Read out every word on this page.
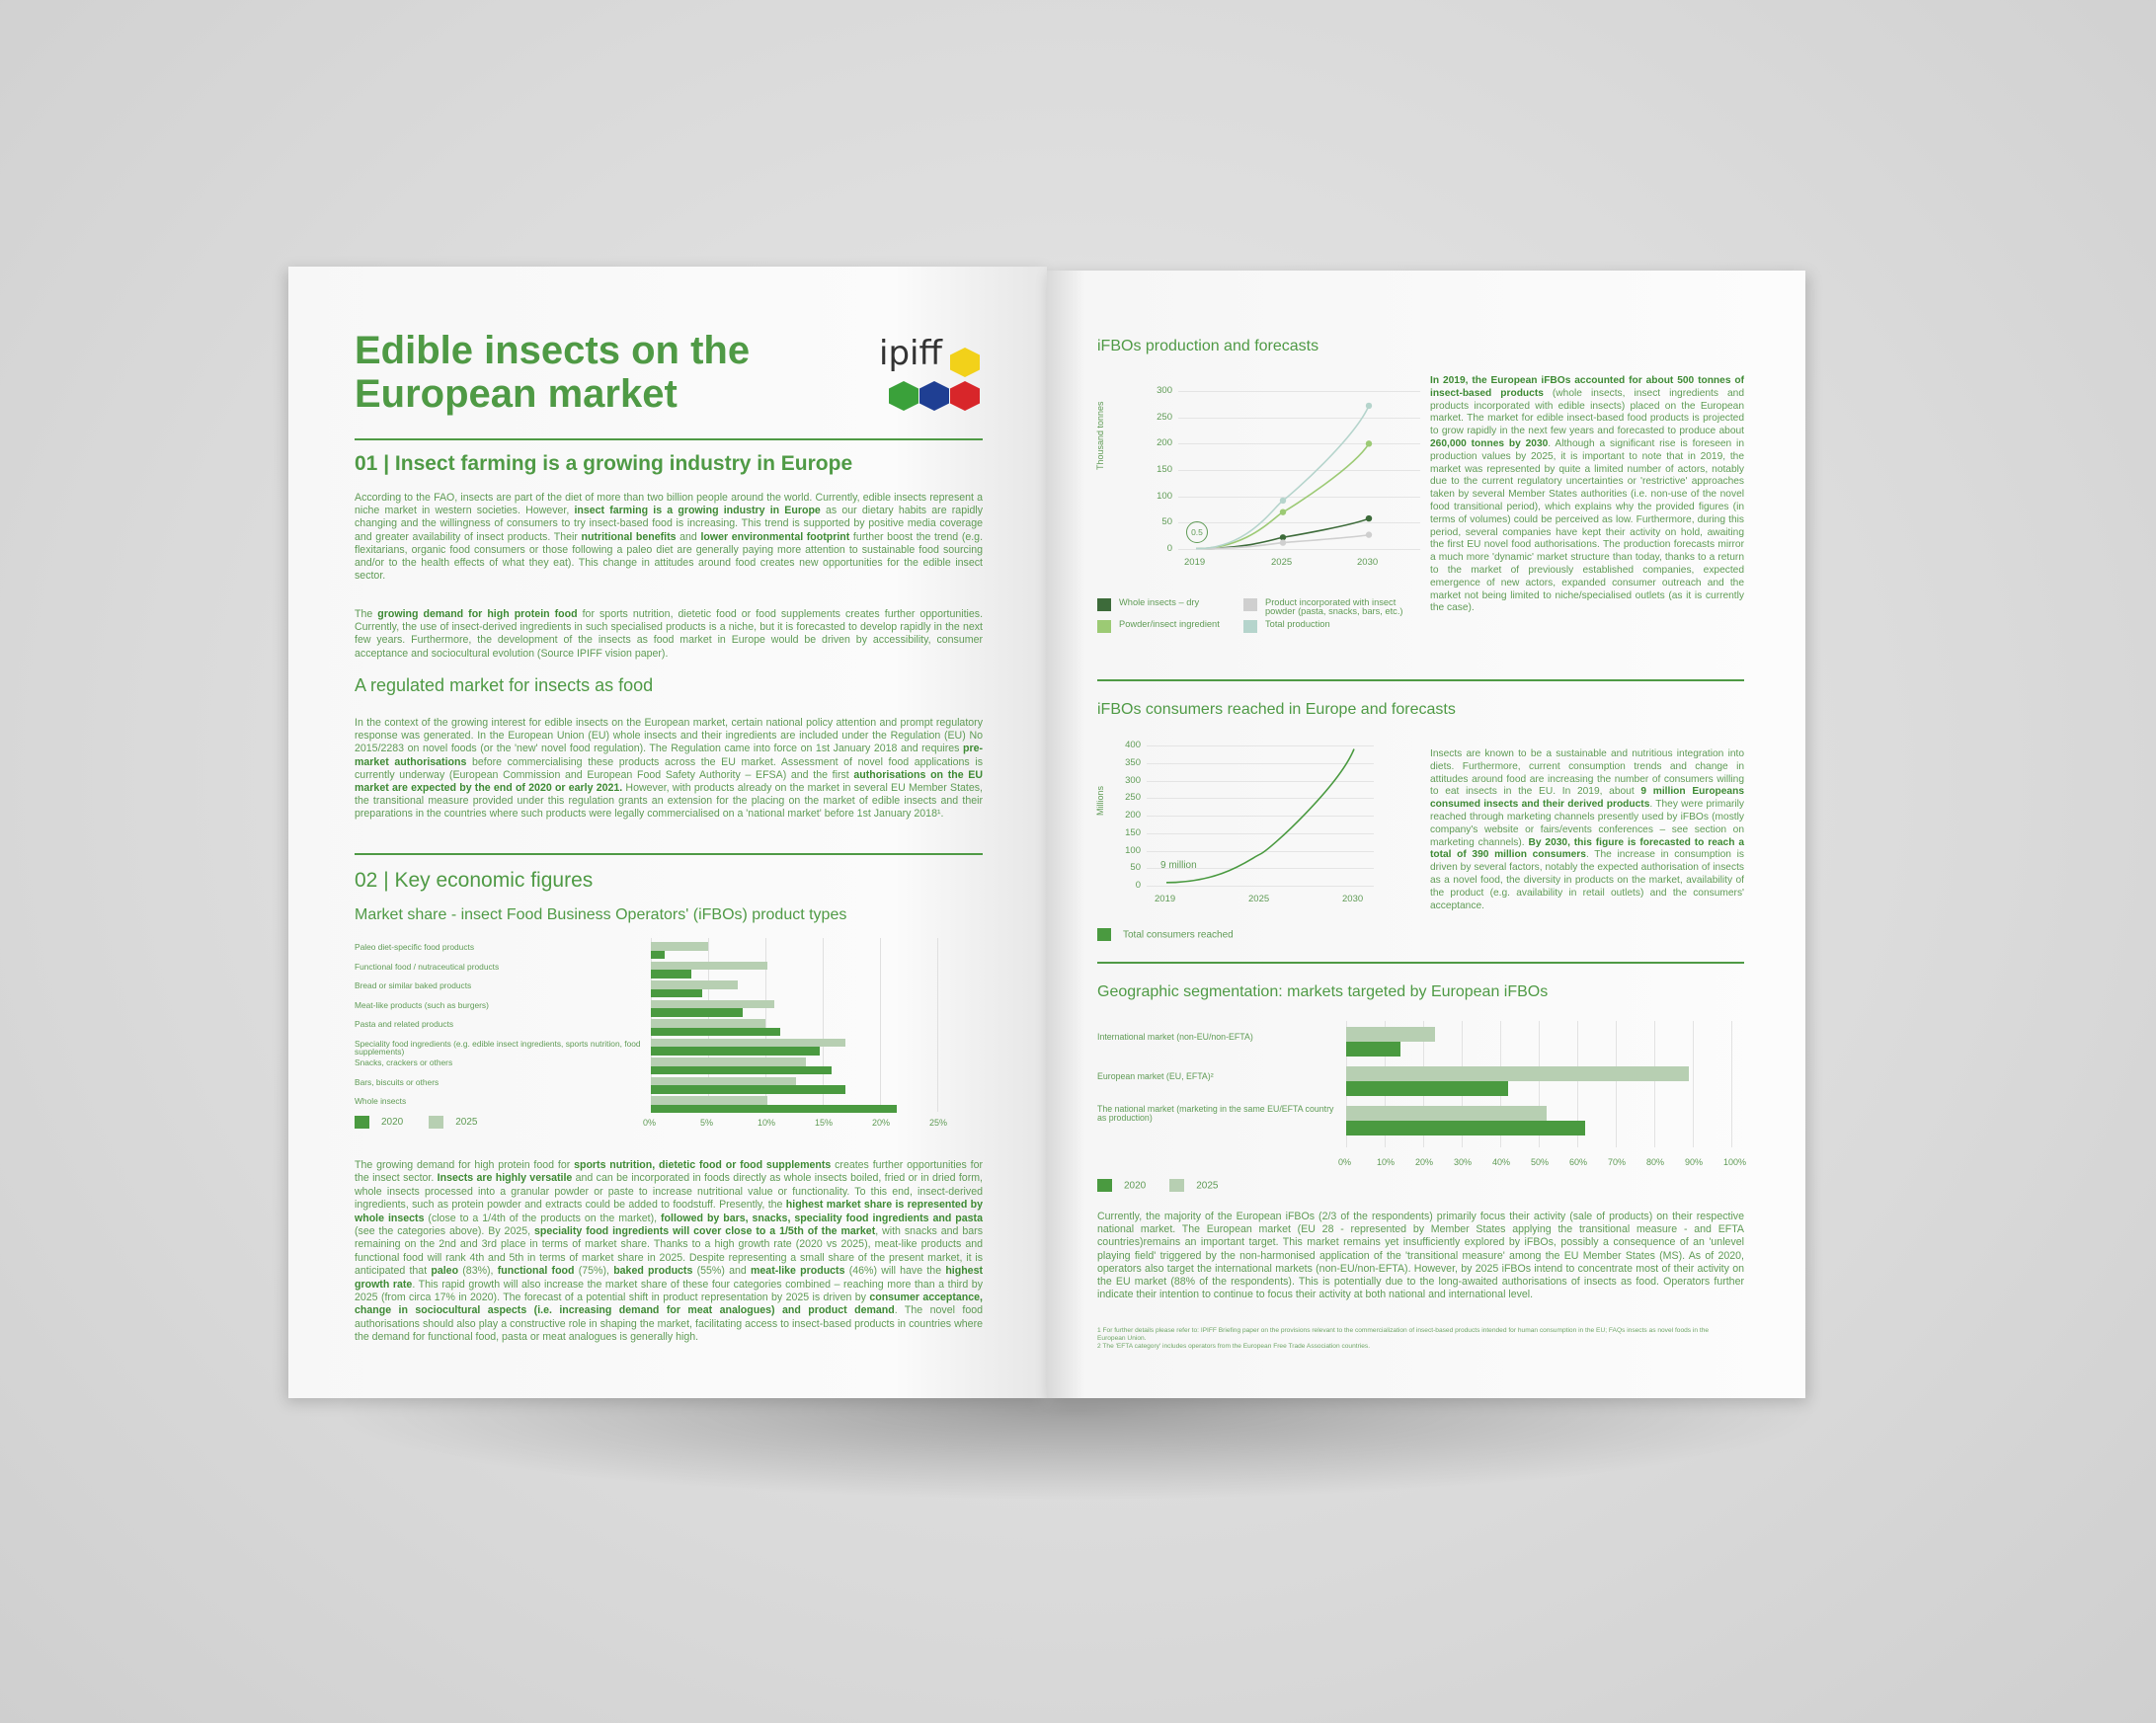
Edible insects on the European market
ipiff
01 | Insect farming is a growing industry in Europe
According to the FAO, insects are part of the diet of more than two billion people around the world. Currently, edible insects represent a niche market in western societies. However, insect farming is a growing industry in Europe as our dietary habits are rapidly changing and the willingness of consumers to try insect-based food is increasing. This trend is supported by positive media coverage and greater availability of insect products. Their nutritional benefits and lower environmental footprint further boost the trend (e.g. flexitarians, organic food consumers or those following a paleo diet are generally paying more attention to sustainable food sourcing and/or to the health effects of what they eat). This change in attitudes around food creates new opportunities for the edible insect sector.
The growing demand for high protein food for sports nutrition, dietetic food or food supplements creates further opportunities. Currently, the use of insect-derived ingredients in such specialised products is a niche, but it is forecasted to develop rapidly in the next few years. Furthermore, the development of the insects as food market in Europe would be driven by accessibility, consumer acceptance and sociocultural evolution (Source IPIFF vision paper).
A regulated market for insects as food
In the context of the growing interest for edible insects on the European market, certain national policy attention and prompt regulatory response was generated. In the European Union (EU) whole insects and their ingredients are included under the Regulation (EU) No 2015/2283 on novel foods (or the 'new' novel food regulation). The Regulation came into force on 1st January 2018 and requires pre-market authorisations before commercialising these products across the EU market. Assessment of novel food applications is currently underway (European Commission and European Food Safety Authority – EFSA) and the first authorisations on the EU market are expected by the end of 2020 or early 2021. However, with products already on the market in several EU Member States, the transitional measure provided under this regulation grants an extension for the placing on the market of edible insects and their preparations in the countries where such products were legally commercialised on a 'national market' before 1st January 2018¹.
02 | Key economic figures
Market share - insect Food Business Operators' (iFBOs) product types
0%	5%	10%	15%	20%	25%
Paleo diet-specific food products
Functional food / nutraceutical products
Bread or similar baked products
Meat-like products (such as burgers)
Pasta and related products
Speciality food ingredients (e.g. edible insect ingredients, sports nutrition, food supplements)
Snacks, crackers or others
Bars, biscuits or others
Whole insects
2020	2025
The growing demand for high protein food for sports nutrition, dietetic food or food supplements creates further opportunities for the insect sector. Insects are highly versatile and can be incorporated in foods directly as whole insects boiled, fried or in dried form, whole insects processed into a granular powder or paste to increase nutritional value or functionality. To this end, insect-derived ingredients, such as protein powder and extracts could be added to foodstuff. Presently, the highest market share is represented by whole insects (close to a 1/4th of the products on the market), followed by bars, snacks, speciality food ingredients and pasta (see the categories above). By 2025, speciality food ingredients will cover close to a 1/5th of the market, with snacks and bars remaining on the 2nd and 3rd place in terms of market share. Thanks to a high growth rate (2020 vs 2025), meat-like products and functional food will rank 4th and 5th in terms of market share in 2025. Despite representing a small share of the present market, it is anticipated that paleo (83%), functional food (75%), baked products (55%) and meat-like products (46%) will have the highest growth rate. This rapid growth will also increase the market share of these four categories combined – reaching more than a third by 2025 (from circa 17% in 2020). The forecast of a potential shift in product representation by 2025 is driven by consumer acceptance, change in sociocultural aspects (i.e. increasing demand for meat analogues) and product demand. The novel food authorisations should also play a constructive role in shaping the market, facilitating access to insect-based products in countries where the demand for functional food, pasta or meat analogues is generally high.
iFBOs production and forecasts
Thousand tonnes
300
250
200
150
100
50
0
2019	2025	2030
0.5
Whole insects – dry
Powder/insect ingredient
Product incorporated with insect powder (pasta, snacks, bars, etc.)
Total production
In 2019, the European iFBOs accounted for about 500 tonnes of insect-based products (whole insects, insect ingredients and products incorporated with edible insects) placed on the European market. The market for edible insect-based food products is projected to grow rapidly in the next few years and forecasted to produce about 260,000 tonnes by 2030. Although a significant rise is foreseen in production values by 2025, it is important to note that in 2019, the market was represented by quite a limited number of actors, notably due to the current regulatory uncertainties or 'restrictive' approaches taken by several Member States authorities (i.e. non-use of the novel food transitional period), which explains why the provided figures (in terms of volumes) could be perceived as low. Furthermore, during this period, several companies have kept their activity on hold, awaiting the first EU novel food authorisations. The production forecasts mirror a much more 'dynamic' market structure than today, thanks to a return to the market of previously established companies, expected emergence of new actors, expanded consumer outreach and the market not being limited to niche/specialised outlets (as it is currently the case).
iFBOs consumers reached in Europe and forecasts
Millions
400
350
300
250
200
150
100
50
0
2019	2025	2030
9 million
Total consumers reached
Insects are known to be a sustainable and nutritious integration into diets. Furthermore, current consumption trends and change in attitudes around food are increasing the number of consumers willing to eat insects in the EU. In 2019, about 9 million Europeans consumed insects and their derived products. They were primarily reached through marketing channels presently used by iFBOs (mostly company's website or fairs/events conferences – see section on marketing channels). By 2030, this figure is forecasted to reach a total of 390 million consumers. The increase in consumption is driven by several factors, notably the expected authorisation of insects as a novel food, the diversity in products on the market, availability of the product (e.g. availability in retail outlets) and the consumers' acceptance.
Geographic segmentation: markets targeted by European iFBOs
0%	10% 20% 30% 40% 50% 60% 70% 80% 90% 100%
International market (non-EU/non-EFTA)
European market (EU, EFTA)²
The national market (marketing in the same EU/EFTA country as production)
2020	2025
Currently, the majority of the European iFBOs (2/3 of the respondents) primarily focus their activity (sale of products) on their respective national market. The European market (EU 28 - represented by Member States applying the transitional measure - and EFTA countries)remains an important target. This market remains yet insufficiently explored by iFBOs, possibly a consequence of an 'unlevel playing field' triggered by the non-harmonised application of the 'transitional measure' among the EU Member States (MS). As of 2020, operators also target the international markets (non-EU/non-EFTA). However, by 2025 iFBOs intend to concentrate most of their activity on the EU market (88% of the respondents). This is potentially due to the long-awaited authorisations of insects as food. Operators further indicate their intention to continue to focus their activity at both national and international level.
1 For further details please refer to: IPIFF Briefing paper on the provisions relevant to the commercialization of insect-based products intended for human consumption in the EU; FAQs insects as novel foods in the European Union.
2 The 'EFTA category' includes operators from the European Free Trade Association countries.
